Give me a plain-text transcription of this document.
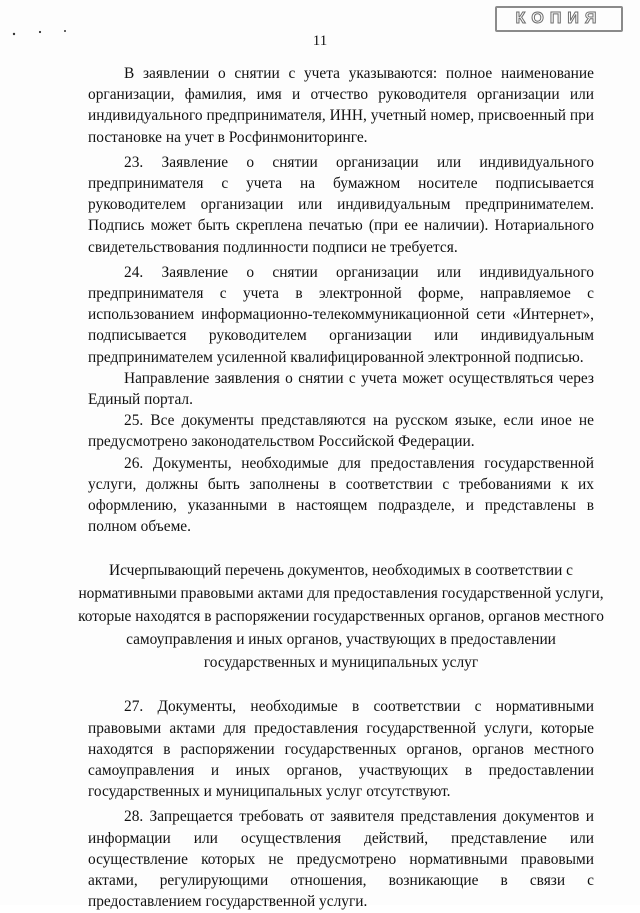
КОПИЯ
11

В заявлении о снятии с учета указываются: полное наименование организации, фамилия, имя и отчество руководителя организации или индивидуального предпринимателя, ИНН, учетный номер, присвоенный при постановке на учет в Росфинмониторинге.

23. Заявление о снятии организации или индивидуального предпринимателя с учета на бумажном носителе подписывается руководителем организации или индивидуальным предпринимателем. Подпись может быть скреплена печатью (при ее наличии). Нотариального свидетельствования подлинности подписи не требуется.

24. Заявление о снятии организации или индивидуального предпринимателя с учета в электронной форме, направляемое с использованием информационно-телекоммуникационной сети «Интернет», подписывается руководителем организации или индивидуальным предпринимателем усиленной квалифицированной электронной подписью.

Направление заявления о снятии с учета может осуществляться через Единый портал.

25. Все документы представляются на русском языке, если иное не предусмотрено законодательством Российской Федерации.

26. Документы, необходимые для предоставления государственной услуги, должны быть заполнены в соответствии с требованиями к их оформлению, указанными в настоящем подразделе, и представлены в полном объеме.

Исчерпывающий перечень документов, необходимых в соответствии с нормативными правовыми актами для предоставления государственной услуги, которые находятся в распоряжении государственных органов, органов местного самоуправления и иных органов, участвующих в предоставлении государственных и муниципальных услуг

27. Документы, необходимые в соответствии с нормативными правовыми актами для предоставления государственной услуги, которые находятся в распоряжении государственных органов, органов местного самоуправления и иных органов, участвующих в предоставлении государственных и муниципальных услуг отсутствуют.

28. Запрещается требовать от заявителя представления документов и информации или осуществления действий, представление или осуществление которых не предусмотрено нормативными правовыми актами, регулирующими отношения, возникающие в связи с предоставлением государственной услуги.
